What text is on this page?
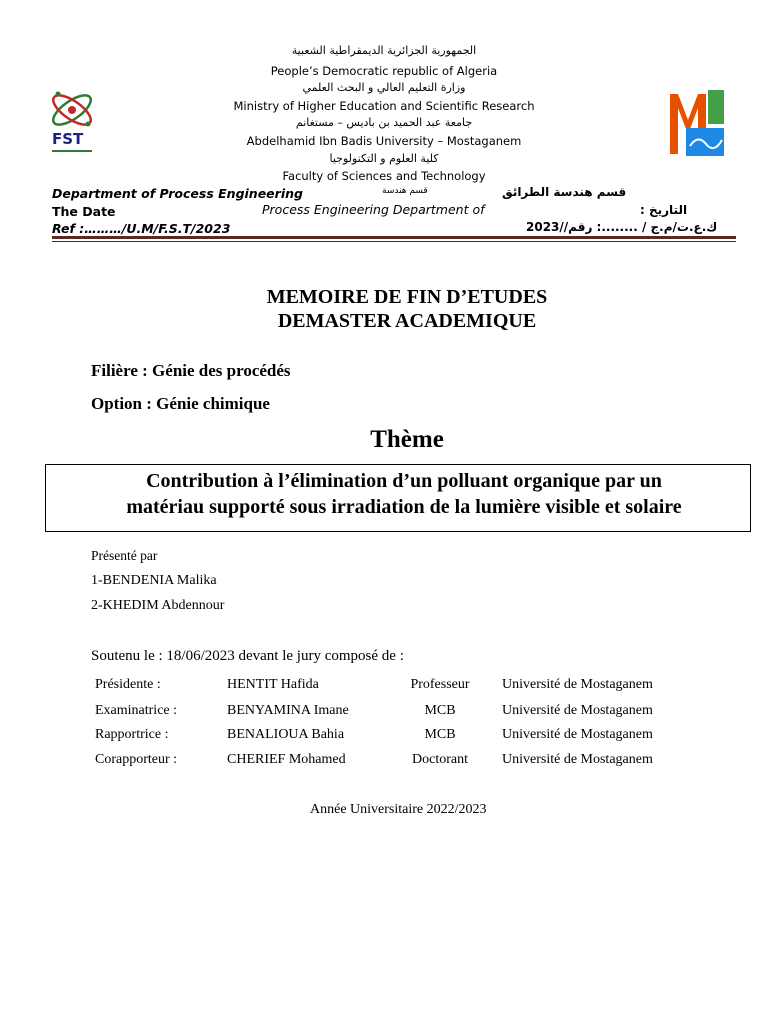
الجمهورية الجزائرية الديمقراطية الشعبية
People’s Democratic republic of Algeria
وزارة التعليم العالي و البحث العلمي
Ministry of Higher Education and Scientific Research
جامعة عبد الحميد بن باديس – مستغانم
Abdelhamid Ibn Badis University – Mostaganem
كلية العلوم و التكنولوجيا
Faculty of Sciences and Technology
FST
Department of Process Engineering	قسم هندسة	قسم هندسة الطرائق
The Date	Process Engineering Department of	التاريخ :
Ref :………/U.M/F.S.T/2023	2023//ك.ع.ت/م.ج / ........: رقم
MEMOIRE DE FIN D’ETUDES
DEMASTER ACADEMIQUE
Filière : Génie des procédés
Option : Génie chimique
Thème
Contribution à l’élimination d’un polluant organique par un
matériau supporté sous irradiation de la lumière visible et solaire
Présenté par
1-BENDENIA Malika
2-KHEDIM Abdennour
Soutenu le : 18/06/2023 devant le jury composé de :
Présidente :	HENTIT Hafida	Professeur	Université de Mostaganem
Examinatrice :	BENYAMINA Imane	MCB	Université de Mostaganem
Rapportrice :	BENALIOUA Bahia	MCB	Université de Mostaganem
Corapporteur :	CHERIEF Mohamed	Doctorant	Université de Mostaganem
Année Universitaire 2022/2023
